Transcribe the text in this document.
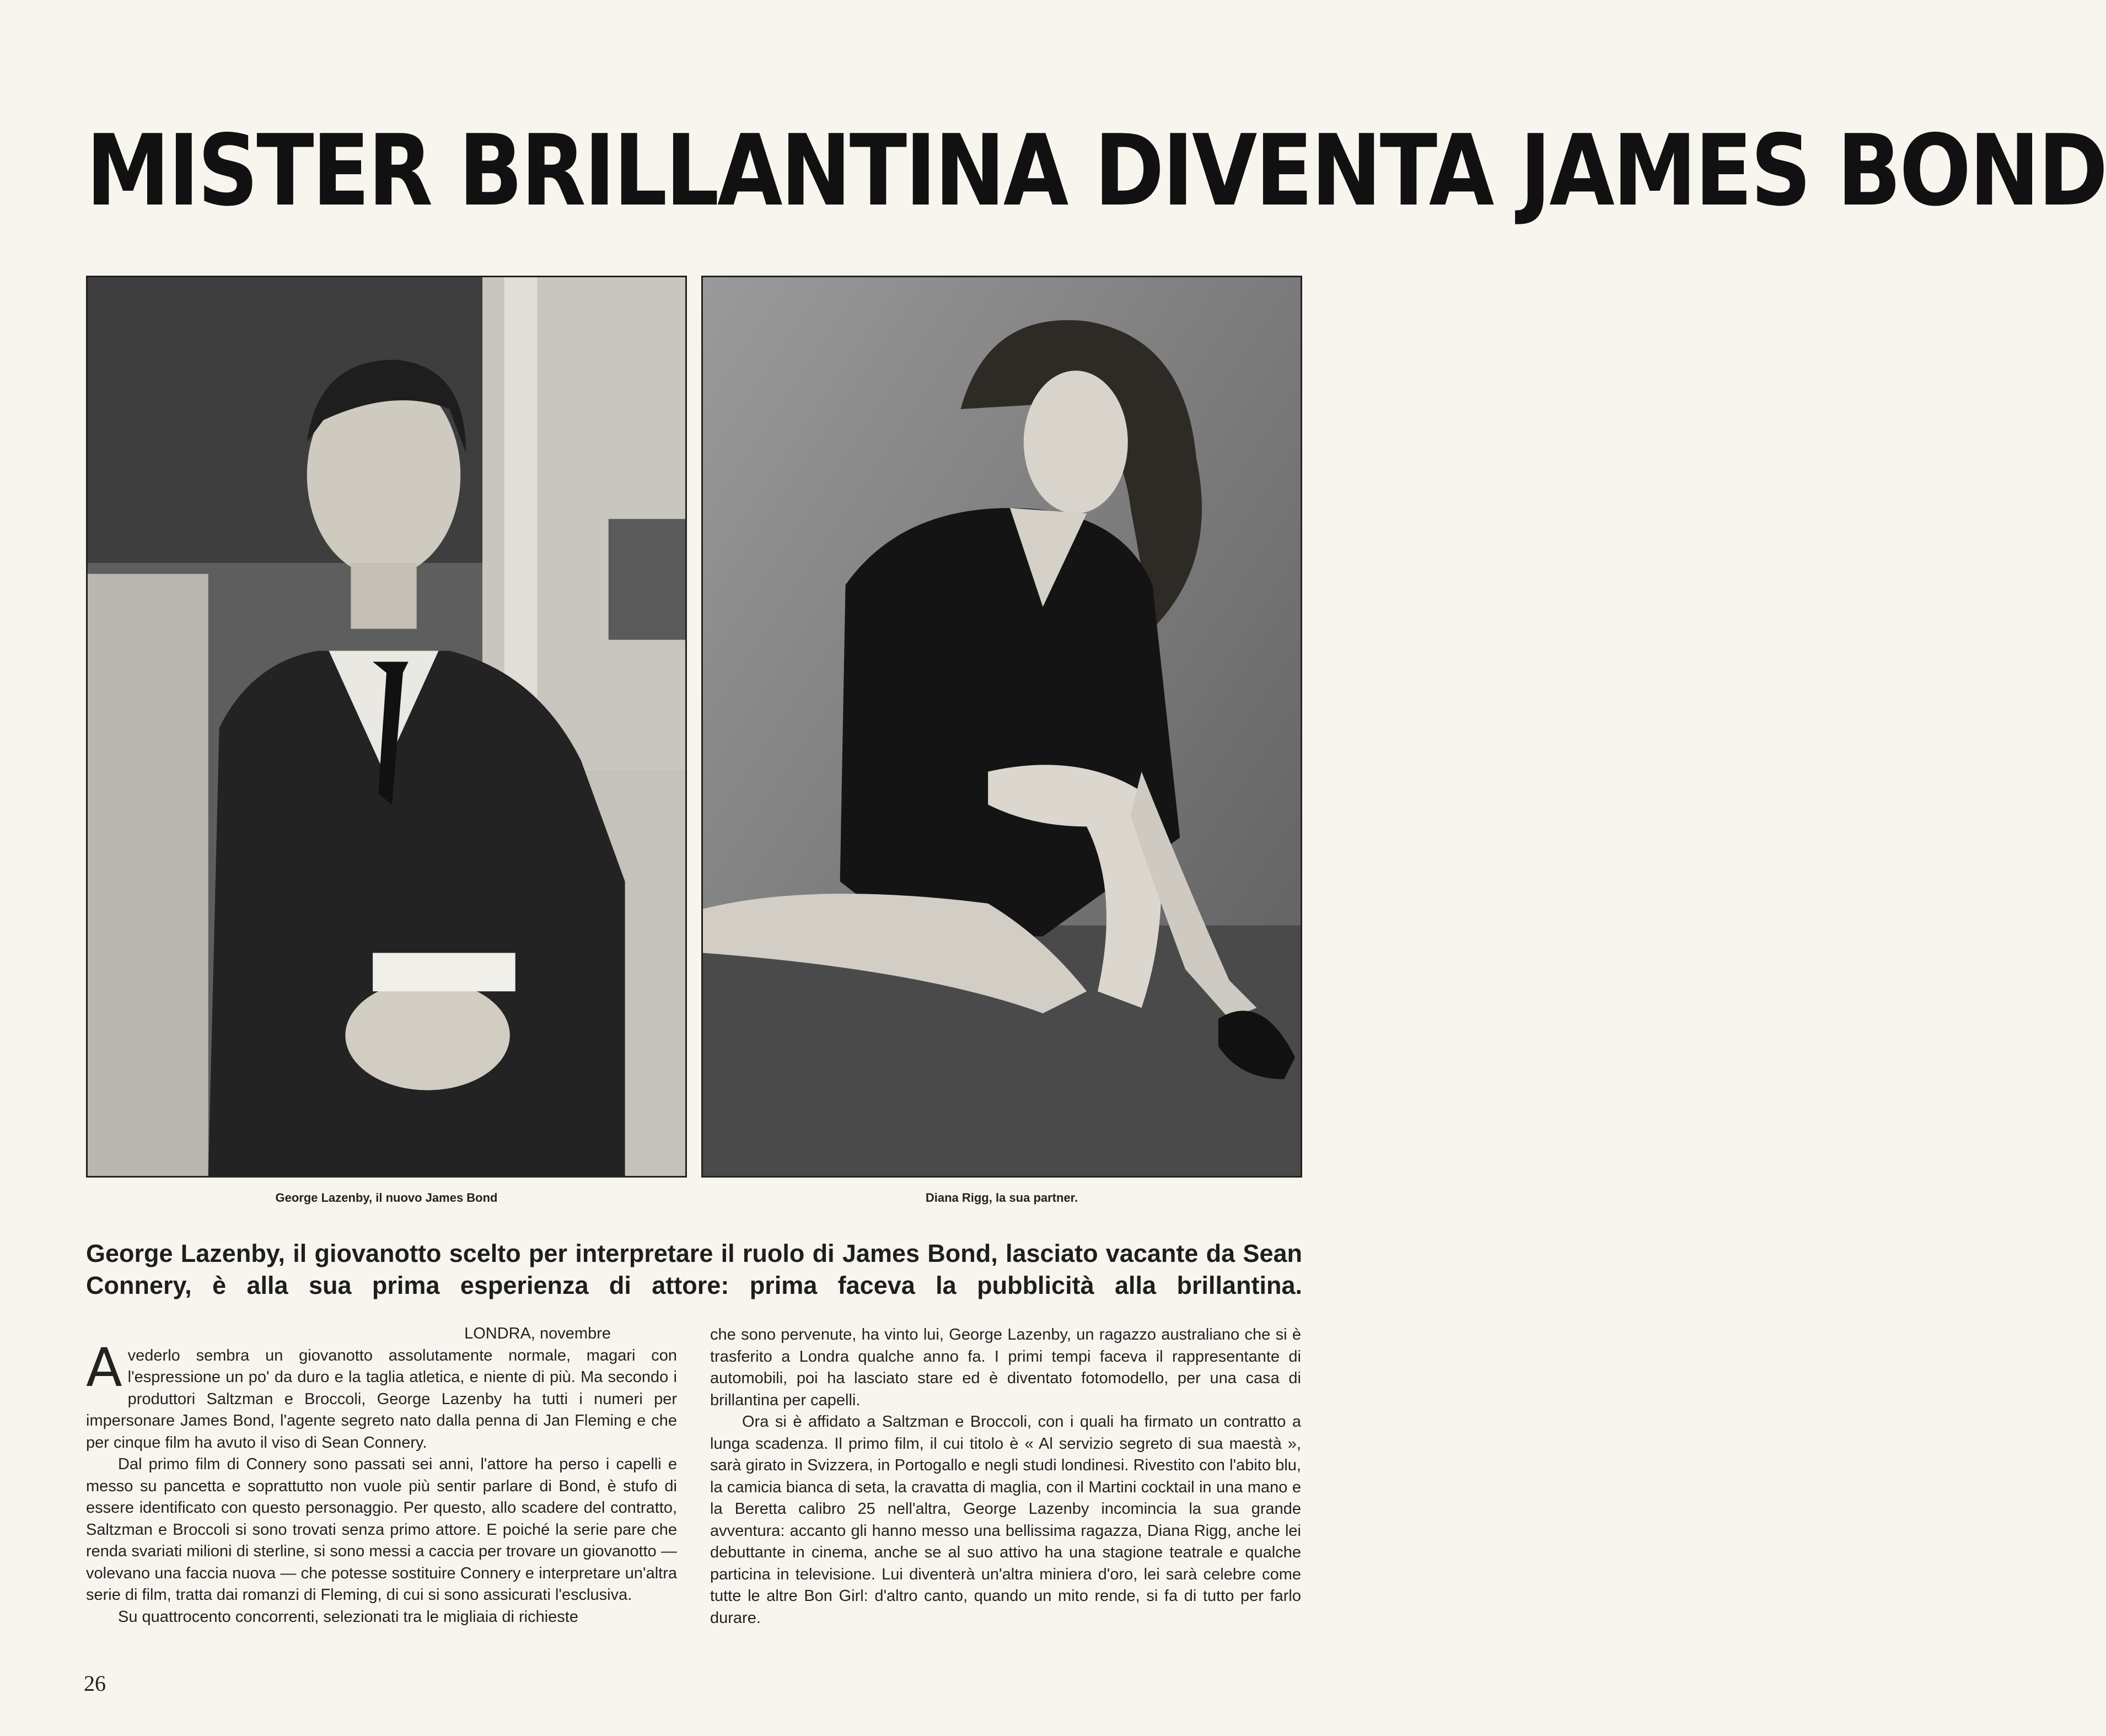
MISTER BRILLANTINA DIVENTA JAMES BOND
George Lazenby, il nuovo James Bond	Diana Rigg, la sua partner.
George Lazenby, il giovanotto scelto per interpretare il ruolo di James Bond, lasciato vacante da Sean Connery, è alla sua prima esperienza di attore: prima faceva la pubblicità alla brillantina.

LONDRA, novembre

Avederlo sembra un giovanotto assolutamente normale, magari con l'espressione un po' da duro e la taglia atletica, e niente di più. Ma secondo i produttori Saltzman e Broccoli, George Lazenby ha tutti i numeri per impersonare James Bond, l'agente segreto nato dalla penna di Jan Fleming e che per cinque film ha avuto il viso di Sean Connery.

Dal primo film di Connery sono passati sei anni, l'attore ha perso i capelli e messo su pancetta e soprattutto non vuole più sentir parlare di Bond, è stufo di essere identificato con questo personaggio. Per questo, allo scadere del contratto, Saltzman e Broccoli si sono trovati senza primo attore. E poiché la serie pare che renda svariati milioni di sterline, si sono messi a caccia per trovare un giovanotto — volevano una faccia nuova — che potesse sostituire Connery e interpretare un'altra serie di film, tratta dai romanzi di Fleming, di cui si sono assicurati l'esclusiva.

Su quattrocento concorrenti, selezionati tra le migliaia di richieste

che sono pervenute, ha vinto lui, George Lazenby, un ragazzo australiano che si è trasferito a Londra qualche anno fa. I primi tempi faceva il rappresentante di automobili, poi ha lasciato stare ed è diventato fotomodello, per una casa di brillantina per capelli.

Ora si è affidato a Saltzman e Broccoli, con i quali ha firmato un contratto a lunga scadenza. Il primo film, il cui titolo è « Al servizio segreto di sua maestà », sarà girato in Svizzera, in Portogallo e negli studi londinesi. Rivestito con l'abito blu, la camicia bianca di seta, la cravatta di maglia, con il Martini cocktail in una mano e la Beretta calibro 25 nell'altra, George Lazenby incomincia la sua grande avventura: accanto gli hanno messo una bellissima ragazza, Diana Rigg, anche lei debuttante in cinema, anche se al suo attivo ha una stagione teatrale e qualche particina in televisione. Lui diventerà un'altra miniera d'oro, lei sarà celebre come tutte le altre Bon Girl: d'altro canto, quando un mito rende, si fa di tutto per farlo durare.

26
